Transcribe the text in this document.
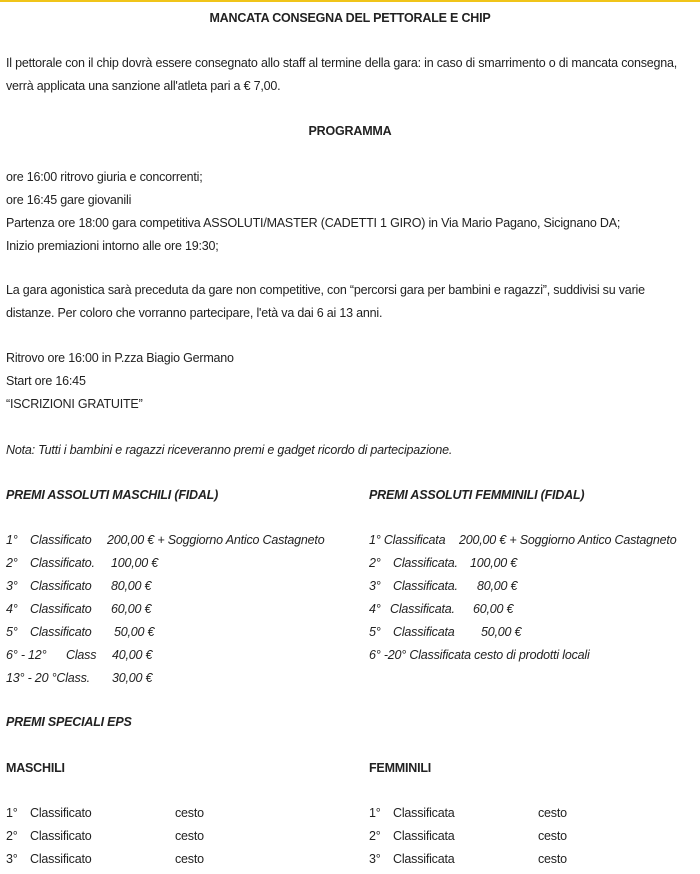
MANCATA CONSEGNA DEL PETTORALE E CHIP
Il pettorale con il chip dovrà essere consegnato allo staff al termine della gara: in caso di smarrimento o di mancata consegna, verrà applicata una sanzione all'atleta pari a € 7,00.
PROGRAMMA
ore 16:00 ritrovo giuria e concorrenti;
ore 16:45 gare giovanili
Partenza ore 18:00 gara competitiva ASSOLUTI/MASTER (CADETTI 1 GIRO) in Via Mario Pagano, Sicignano DA;
Inizio premiazioni intorno alle ore 19:30;
La gara agonistica sarà preceduta da gare non competitive, con “percorsi gara per bambini e ragazzi”, suddivisi su varie distanze. Per coloro che vorranno partecipare, l'età va dai 6 ai 13 anni.
Ritrovo ore 16:00 in P.zza Biagio Germano
Start ore 16:45
“ISCRIZIONI GRATUITE”
Nota: Tutti i bambini e ragazzi riceveranno premi e gadget ricordo di partecipazione.
PREMI ASSOLUTI MASCHILI (FIDAL)	PREMI ASSOLUTI FEMMINILI (FIDAL)
1° Classificato 200,00 € + Soggiorno Antico Castagneto
2° Classificato. 100,00 €
3° Classificato 80,00 €
4° Classificato 60,00 €
5° Classificato 50,00 €
6° - 12° Class 40,00 €
13° - 20 °Class. 30,00 €
1° Classificata 200,00 € + Soggiorno Antico Castagneto
2° Classificata. 100,00 €
3° Classificata. 80,00 €
4° Classificata. 60,00 €
5° Classificata 50,00 €
6° -20° Classificata cesto di prodotti locali
PREMI SPECIALI EPS
MASCHILI	FEMMINILI
1° Classificato	cesto
2° Classificato	cesto
3° Classificato	cesto
1° Classificata	cesto
2° Classificata	cesto
3° Classificata	cesto
